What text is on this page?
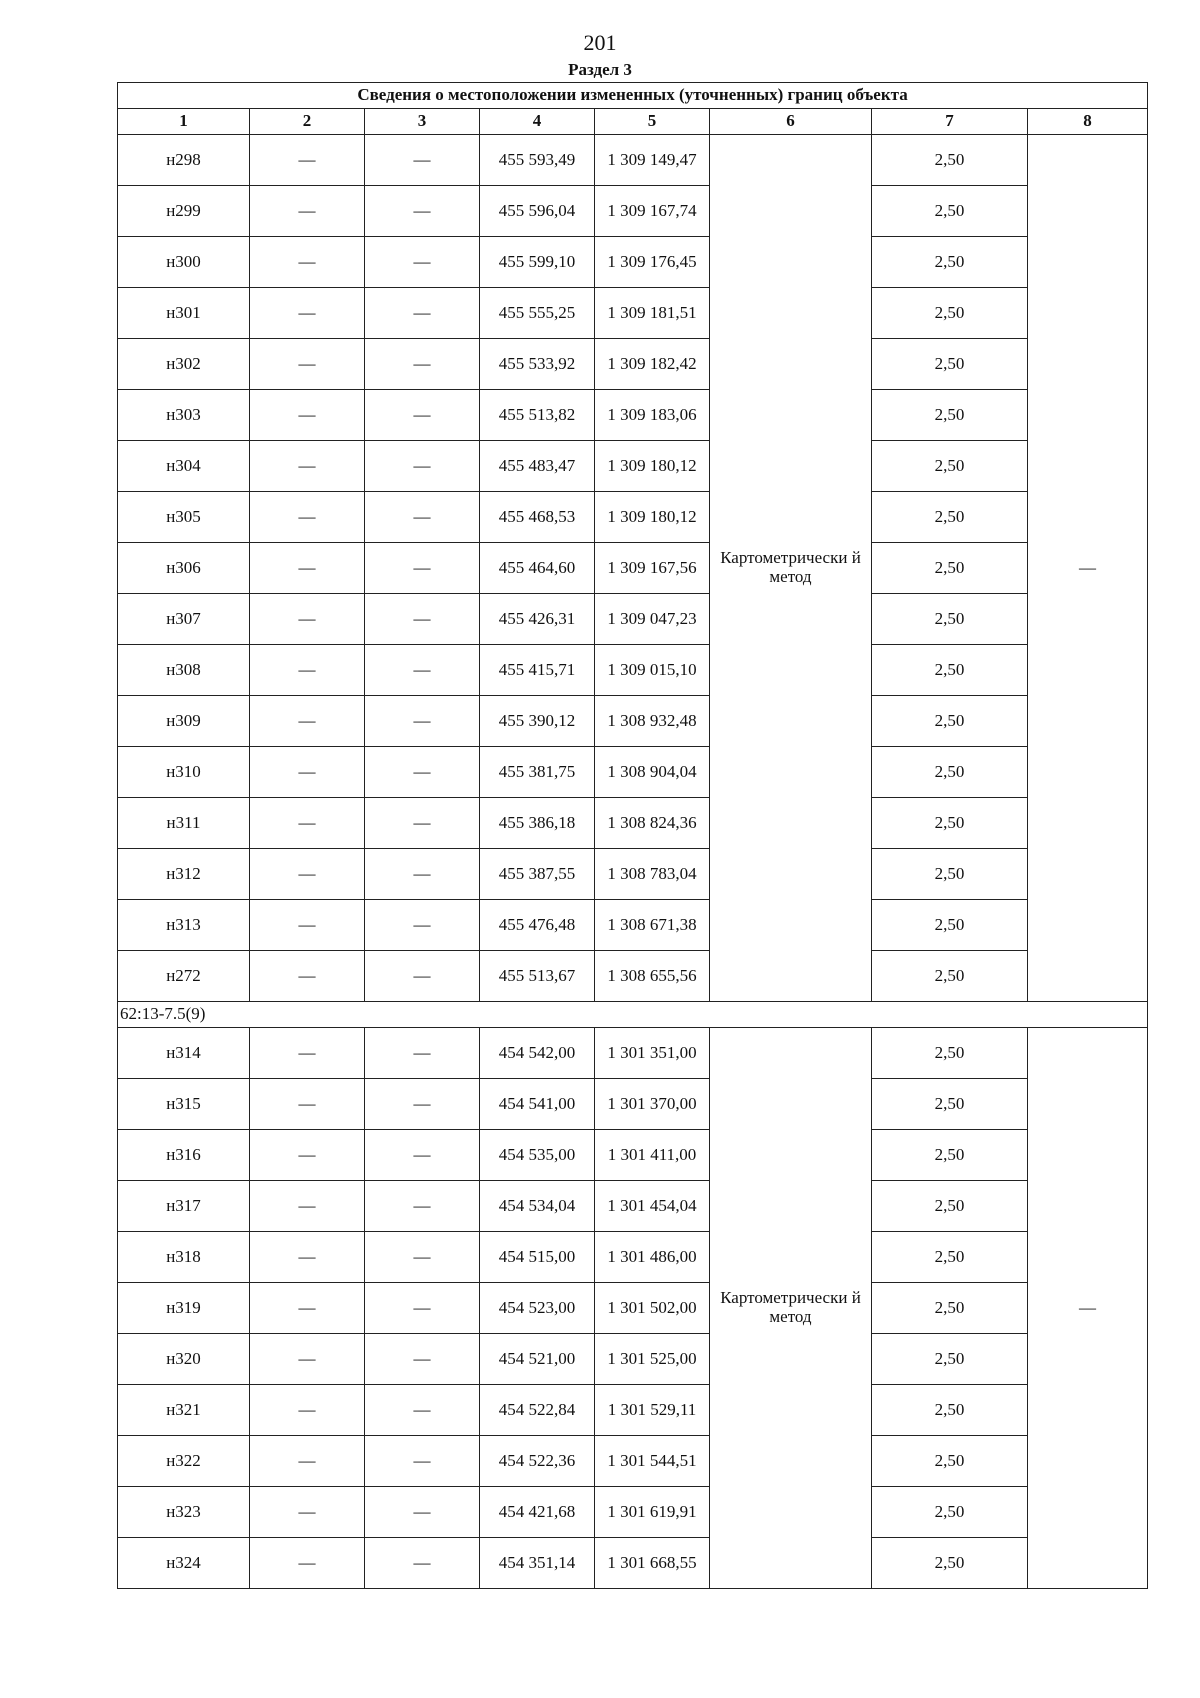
201
Раздел 3
Сведения о местоположении измененных (уточненных) границ объекта							
1	2	3	4	5	6	7	8
н298	—	—	455 593,49	1 309 149,47	Картометрически й метод	2,50	—
н299	—	—	455 596,04	1 309 167,74		2,50	
н300	—	—	455 599,10	1 309 176,45		2,50	
н301	—	—	455 555,25	1 309 181,51		2,50	
н302	—	—	455 533,92	1 309 182,42		2,50	
н303	—	—	455 513,82	1 309 183,06		2,50	
н304	—	—	455 483,47	1 309 180,12		2,50	
н305	—	—	455 468,53	1 309 180,12		2,50	
н306	—	—	455 464,60	1 309 167,56		2,50	
н307	—	—	455 426,31	1 309 047,23		2,50	
н308	—	—	455 415,71	1 309 015,10		2,50	
н309	—	—	455 390,12	1 308 932,48		2,50	
н310	—	—	455 381,75	1 308 904,04		2,50	
н311	—	—	455 386,18	1 308 824,36		2,50	
н312	—	—	455 387,55	1 308 783,04		2,50	
н313	—	—	455 476,48	1 308 671,38		2,50	
н272	—	—	455 513,67	1 308 655,56		2,50	
62:13-7.5(9)							
н314	—	—	454 542,00	1 301 351,00	Картометрически й метод	2,50	—
н315	—	—	454 541,00	1 301 370,00		2,50	
н316	—	—	454 535,00	1 301 411,00		2,50	
н317	—	—	454 534,04	1 301 454,04		2,50	
н318	—	—	454 515,00	1 301 486,00		2,50	
н319	—	—	454 523,00	1 301 502,00		2,50	
н320	—	—	454 521,00	1 301 525,00		2,50	
н321	—	—	454 522,84	1 301 529,11		2,50	
н322	—	—	454 522,36	1 301 544,51		2,50	
н323	—	—	454 421,68	1 301 619,91		2,50	
н324	—	—	454 351,14	1 301 668,55		2,50	
